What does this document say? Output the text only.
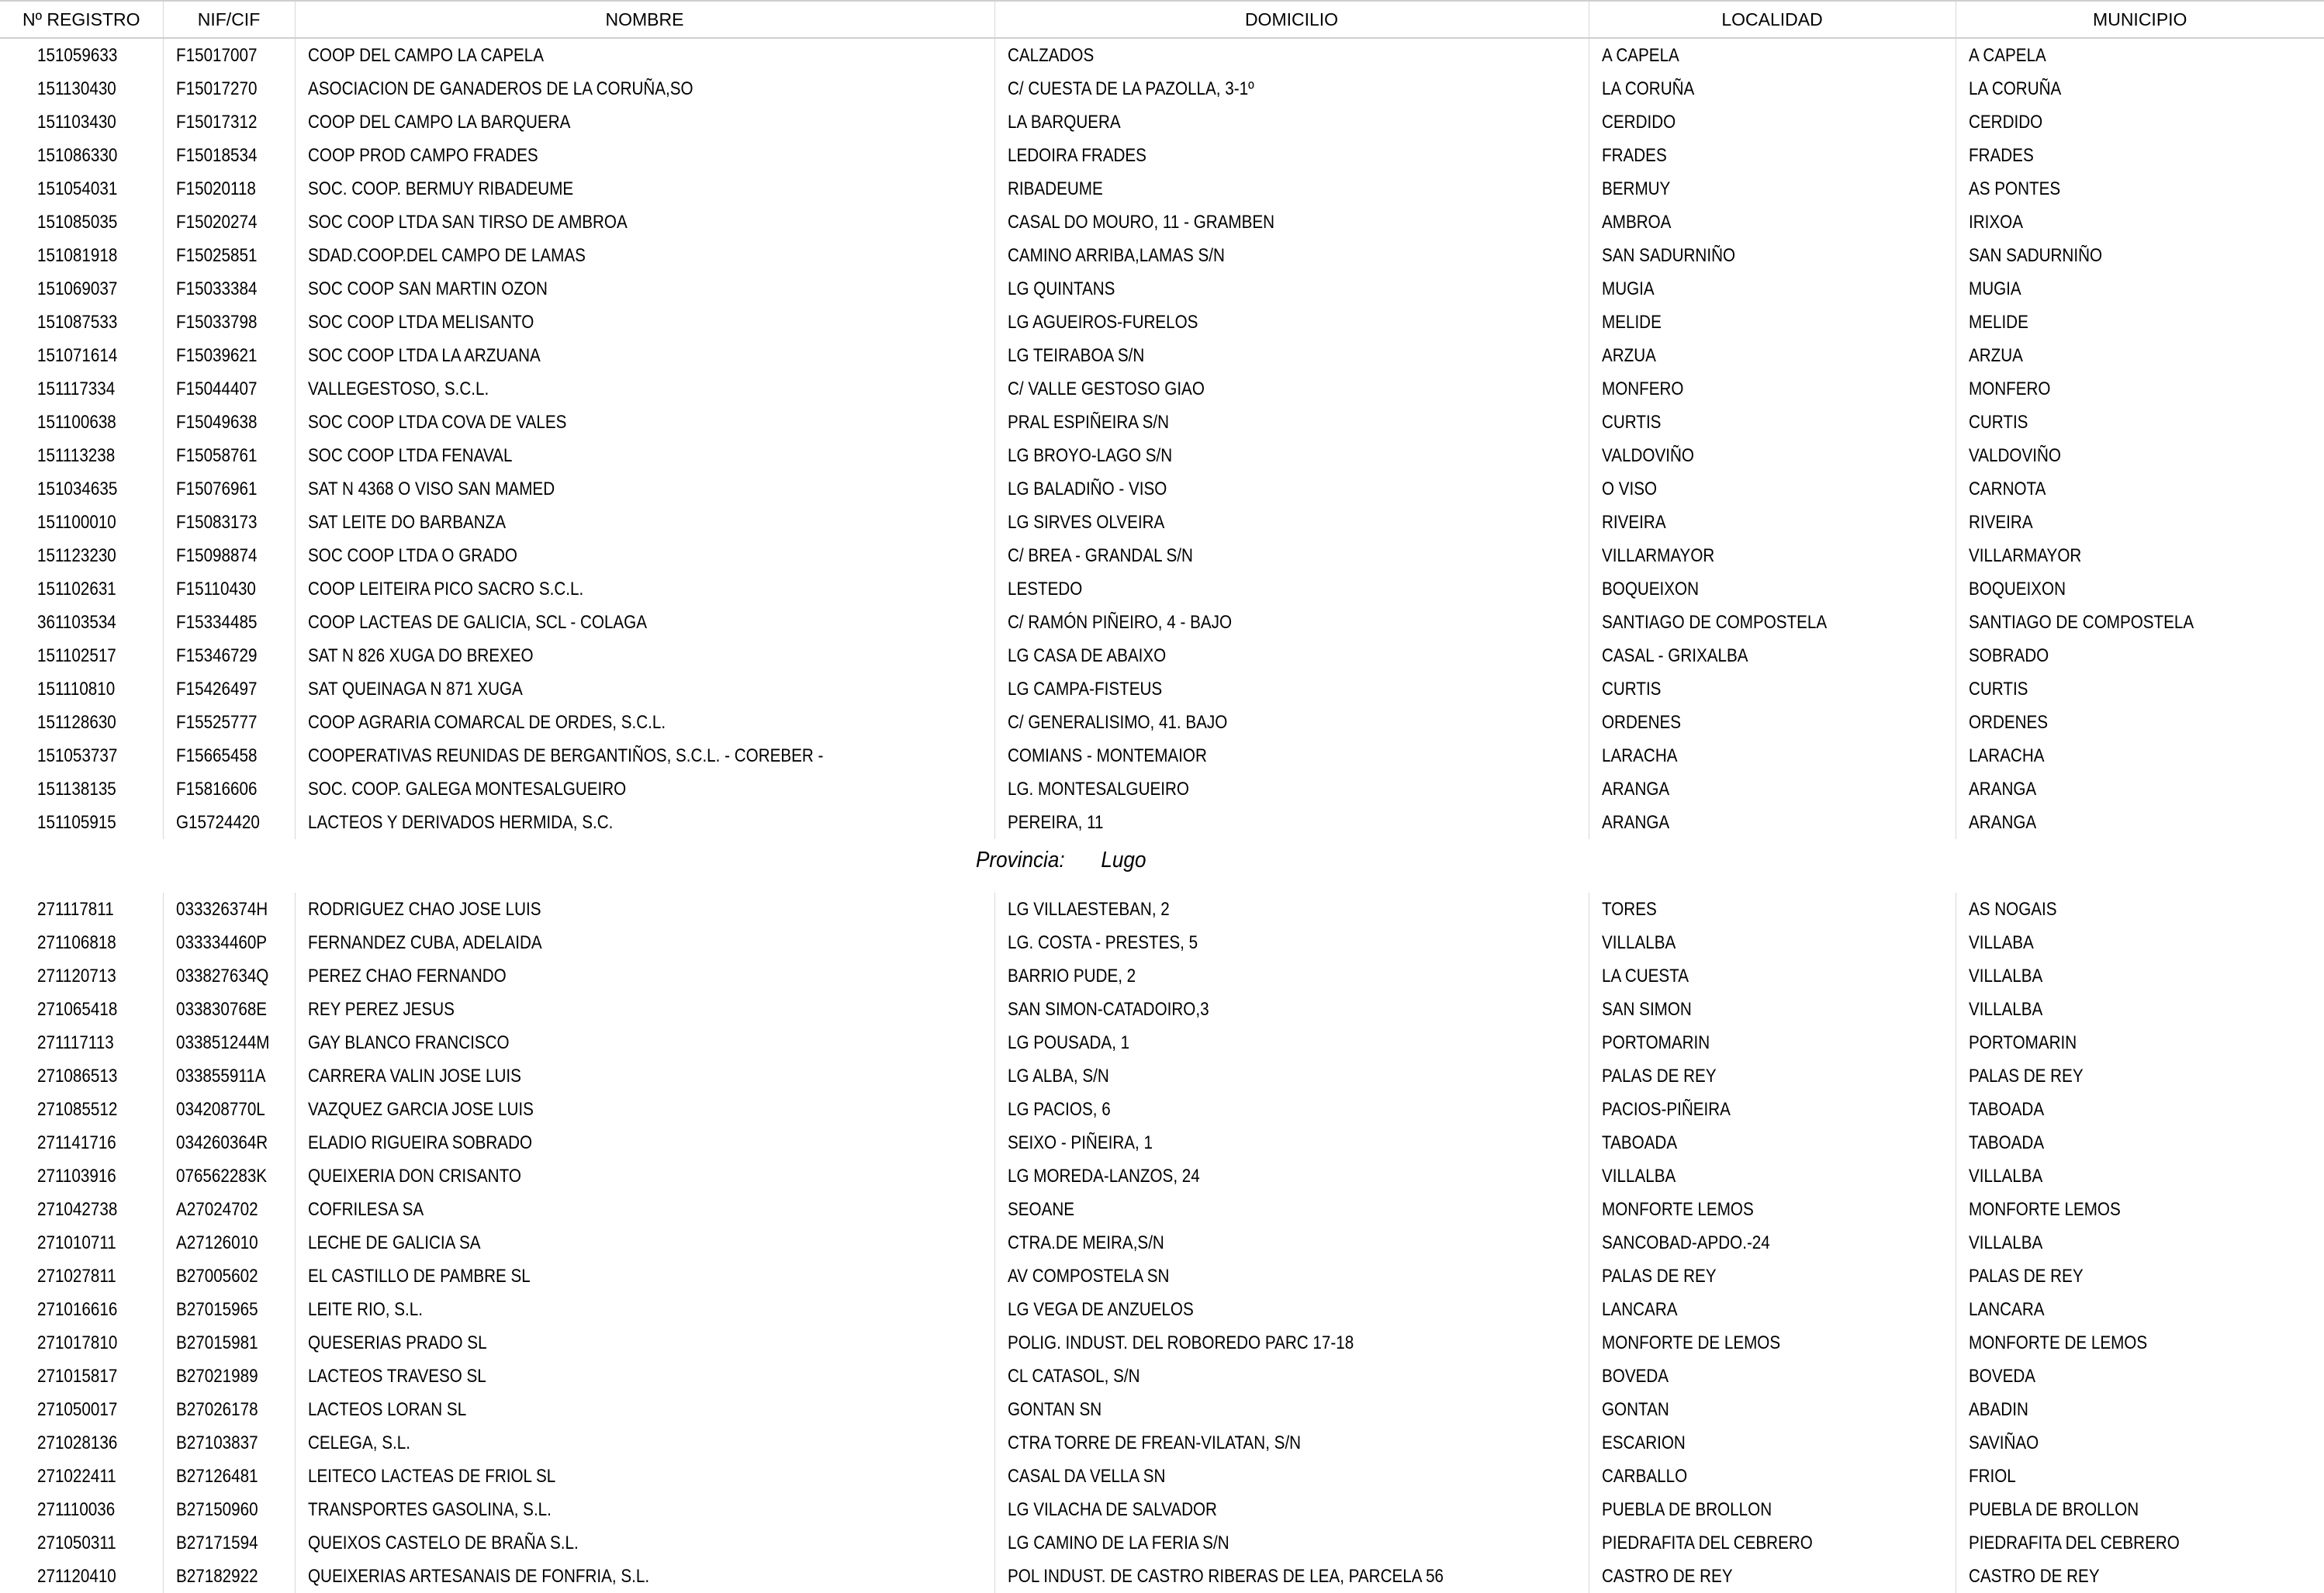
Nº REGISTRO	NIF/CIF	NOMBRE	DOMICILIO	LOCALIDAD	MUNICIPIO
151059633	F15017007	COOP DEL CAMPO LA CAPELA	CALZADOS	A CAPELA	A CAPELA
151130430	F15017270	ASOCIACION DE GANADEROS DE LA CORUÑA,SO	C/ CUESTA DE LA PAZOLLA, 3-1º	LA CORUÑA	LA CORUÑA
151103430	F15017312	COOP DEL CAMPO LA BARQUERA	LA BARQUERA	CERDIDO	CERDIDO
151086330	F15018534	COOP PROD CAMPO FRADES	LEDOIRA FRADES	FRADES	FRADES
151054031	F15020118	SOC. COOP. BERMUY RIBADEUME	RIBADEUME	BERMUY	AS PONTES
151085035	F15020274	SOC COOP LTDA SAN TIRSO DE AMBROA	CASAL DO MOURO, 11 - GRAMBEN	AMBROA	IRIXOA
151081918	F15025851	SDAD.COOP.DEL CAMPO DE LAMAS	CAMINO ARRIBA,LAMAS S/N	SAN SADURNIÑO	SAN SADURNIÑO
151069037	F15033384	SOC COOP SAN MARTIN OZON	LG QUINTANS	MUGIA	MUGIA
151087533	F15033798	SOC COOP LTDA MELISANTO	LG AGUEIROS-FURELOS	MELIDE	MELIDE
151071614	F15039621	SOC COOP LTDA LA ARZUANA	LG TEIRABOA S/N	ARZUA	ARZUA
151117334	F15044407	VALLEGESTOSO, S.C.L.	C/ VALLE GESTOSO GIAO	MONFERO	MONFERO
151100638	F15049638	SOC COOP LTDA COVA DE VALES	PRAL ESPIÑEIRA S/N	CURTIS	CURTIS
151113238	F15058761	SOC COOP LTDA FENAVAL	LG BROYO-LAGO S/N	VALDOVIÑO	VALDOVIÑO
151034635	F15076961	SAT N 4368 O VISO SAN MAMED	LG BALADIÑO - VISO	O VISO	CARNOTA
151100010	F15083173	SAT LEITE DO BARBANZA	LG SIRVES OLVEIRA	RIVEIRA	RIVEIRA
151123230	F15098874	SOC COOP LTDA O GRADO	C/ BREA - GRANDAL S/N	VILLARMAYOR	VILLARMAYOR
151102631	F15110430	COOP LEITEIRA PICO SACRO S.C.L.	LESTEDO	BOQUEIXON	BOQUEIXON
361103534	F15334485	COOP LACTEAS DE GALICIA, SCL - COLAGA	C/ RAMÓN PIÑEIRO, 4 - BAJO	SANTIAGO DE COMPOSTELA	SANTIAGO DE COMPOSTELA
151102517	F15346729	SAT N 826 XUGA DO BREXEO	LG CASA DE ABAIXO	CASAL - GRIXALBA	SOBRADO
151110810	F15426497	SAT QUEINAGA N 871 XUGA	LG CAMPA-FISTEUS	CURTIS	CURTIS
151128630	F15525777	COOP AGRARIA COMARCAL DE ORDES, S.C.L.	C/ GENERALISIMO, 41. BAJO	ORDENES	ORDENES
151053737	F15665458	COOPERATIVAS REUNIDAS DE BERGANTIÑOS, S.C.L. - COREBER -	COMIANS - MONTEMAIOR	LARACHA	LARACHA
151138135	F15816606	SOC. COOP. GALEGA MONTESALGUEIRO	LG. MONTESALGUEIRO	ARANGA	ARANGA
151105915	G15724420	LACTEOS Y DERIVADOS HERMIDA, S.C.	PEREIRA, 11	ARANGA	ARANGA
Provincia: Lugo
271117811	033326374H	RODRIGUEZ CHAO JOSE LUIS	LG VILLAESTEBAN, 2	TORES	AS NOGAIS
271106818	033334460P	FERNANDEZ CUBA, ADELAIDA	LG. COSTA - PRESTES, 5	VILLALBA	VILLABA
271120713	033827634Q	PEREZ CHAO FERNANDO	BARRIO PUDE, 2	LA CUESTA	VILLALBA
271065418	033830768E	REY PEREZ JESUS	SAN SIMON-CATADOIRO,3	SAN SIMON	VILLALBA
271117113	033851244M	GAY BLANCO FRANCISCO	LG POUSADA, 1	PORTOMARIN	PORTOMARIN
271086513	033855911A	CARRERA VALIN JOSE LUIS	LG ALBA, S/N	PALAS DE REY	PALAS DE REY
271085512	034208770L	VAZQUEZ GARCIA JOSE LUIS	LG PACIOS, 6	PACIOS-PIÑEIRA	TABOADA
271141716	034260364R	ELADIO RIGUEIRA SOBRADO	SEIXO - PIÑEIRA, 1	TABOADA	TABOADA
271103916	076562283K	QUEIXERIA DON CRISANTO	LG MOREDA-LANZOS, 24	VILLALBA	VILLALBA
271042738	A27024702	COFRILESA SA	SEOANE	MONFORTE LEMOS	MONFORTE LEMOS
271010711	A27126010	LECHE DE GALICIA SA	CTRA.DE MEIRA,S/N	SANCOBAD-APDO.-24	VILLALBA
271027811	B27005602	EL CASTILLO DE PAMBRE SL	AV COMPOSTELA SN	PALAS DE REY	PALAS DE REY
271016616	B27015965	LEITE RIO, S.L.	LG VEGA DE ANZUELOS	LANCARA	LANCARA
271017810	B27015981	QUESERIAS PRADO SL	POLIG. INDUST. DEL ROBOREDO PARC 17-18	MONFORTE DE LEMOS	MONFORTE DE LEMOS
271015817	B27021989	LACTEOS TRAVESO SL	CL CATASOL, S/N	BOVEDA	BOVEDA
271050017	B27026178	LACTEOS LORAN SL	GONTAN SN	GONTAN	ABADIN
271028136	B27103837	CELEGA, S.L.	CTRA TORRE DE FREAN-VILATAN, S/N	ESCARION	SAVIÑAO
271022411	B27126481	LEITECO LACTEAS DE FRIOL SL	CASAL DA VELLA SN	CARBALLO	FRIOL
271110036	B27150960	TRANSPORTES GASOLINA, S.L.	LG VILACHA DE SALVADOR	PUEBLA DE BROLLON	PUEBLA DE BROLLON
271050311	B27171594	QUEIXOS CASTELO DE BRAÑA S.L.	LG CAMINO DE LA FERIA S/N	PIEDRAFITA DEL CEBRERO	PIEDRAFITA DEL CEBRERO
271120410	B27182922	QUEIXERIAS ARTESANAIS DE FONFRIA, S.L.	POL INDUST. DE CASTRO RIBERAS DE LEA, PARCELA 56	CASTRO DE REY	CASTRO DE REY
